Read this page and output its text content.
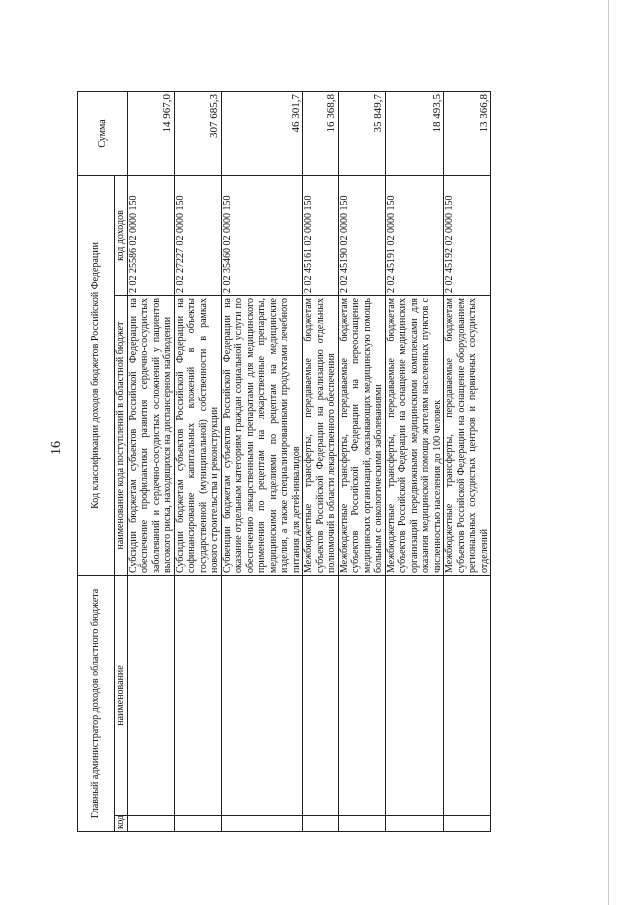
16
Главный администратор доходов областного бюджета		Код классификации доходов бюджетов Российской Федерации		Сумма
код	наименование	наименование кода поступлений в областной бюджет	код доходов	
		Субсидии бюджетам субъектов Российской Федерации на обеспечение профилактики развития сердечно-сосудистых заболеваний и сердечно-сосудистых осложнений у пациентов высокого риска, находящихся на диспансерном наблюдении	2 02 25586 02 0000 150	14 967,0
		Субсидии бюджетам субъектов Российской Федерации на софинансирование капитальных вложений в объекты государственной (муниципальной) собственности в рамках нового строительства и реконструкции	2 02 27227 02 0000 150	307 685,3
		Субвенции бюджетам субъектов Российской Федерации на оказание отдельным категориям граждан социальной услуги по обеспечению лекарственными препаратами для медицинского применения по рецептам на лекарственные препараты, медицинскими изделиями по рецептам на медицинские изделия, а также специализированными продуктами лечебного питания для детей-инвалидов	2 02 35460 02 0000 150	46 301,7
		Межбюджетные трансферты, передаваемые бюджетам субъектов Российской Федерации на реализацию отдельных полномочий в области лекарственного обеспечения	2 02 45161 02 0000 150	16 368,8
		Межбюджетные трансферты, передаваемые бюджетам субъектов Российской Федерации на переоснащение медицинских организаций, оказывающих медицинскую помощь больным с онкологическими заболеваниями	2 02 45190 02 0000 150	35 849,7
		Межбюджетные трансферты, передаваемые бюджетам субъектов Российской Федерации на оснащение медицинских организаций передвижными медицинскими комплексами для оказания медицинской помощи жителям населенных пунктов с численностью населения до 100 человек	2 02 45191 02 0000 150	18 493,5
		Межбюджетные трансферты, передаваемые бюджетам субъектов Российской Федерации на оснащение оборудованием региональных сосудистых центров и первичных сосудистых отделений	2 02 45192 02 0000 150	13 366,8
